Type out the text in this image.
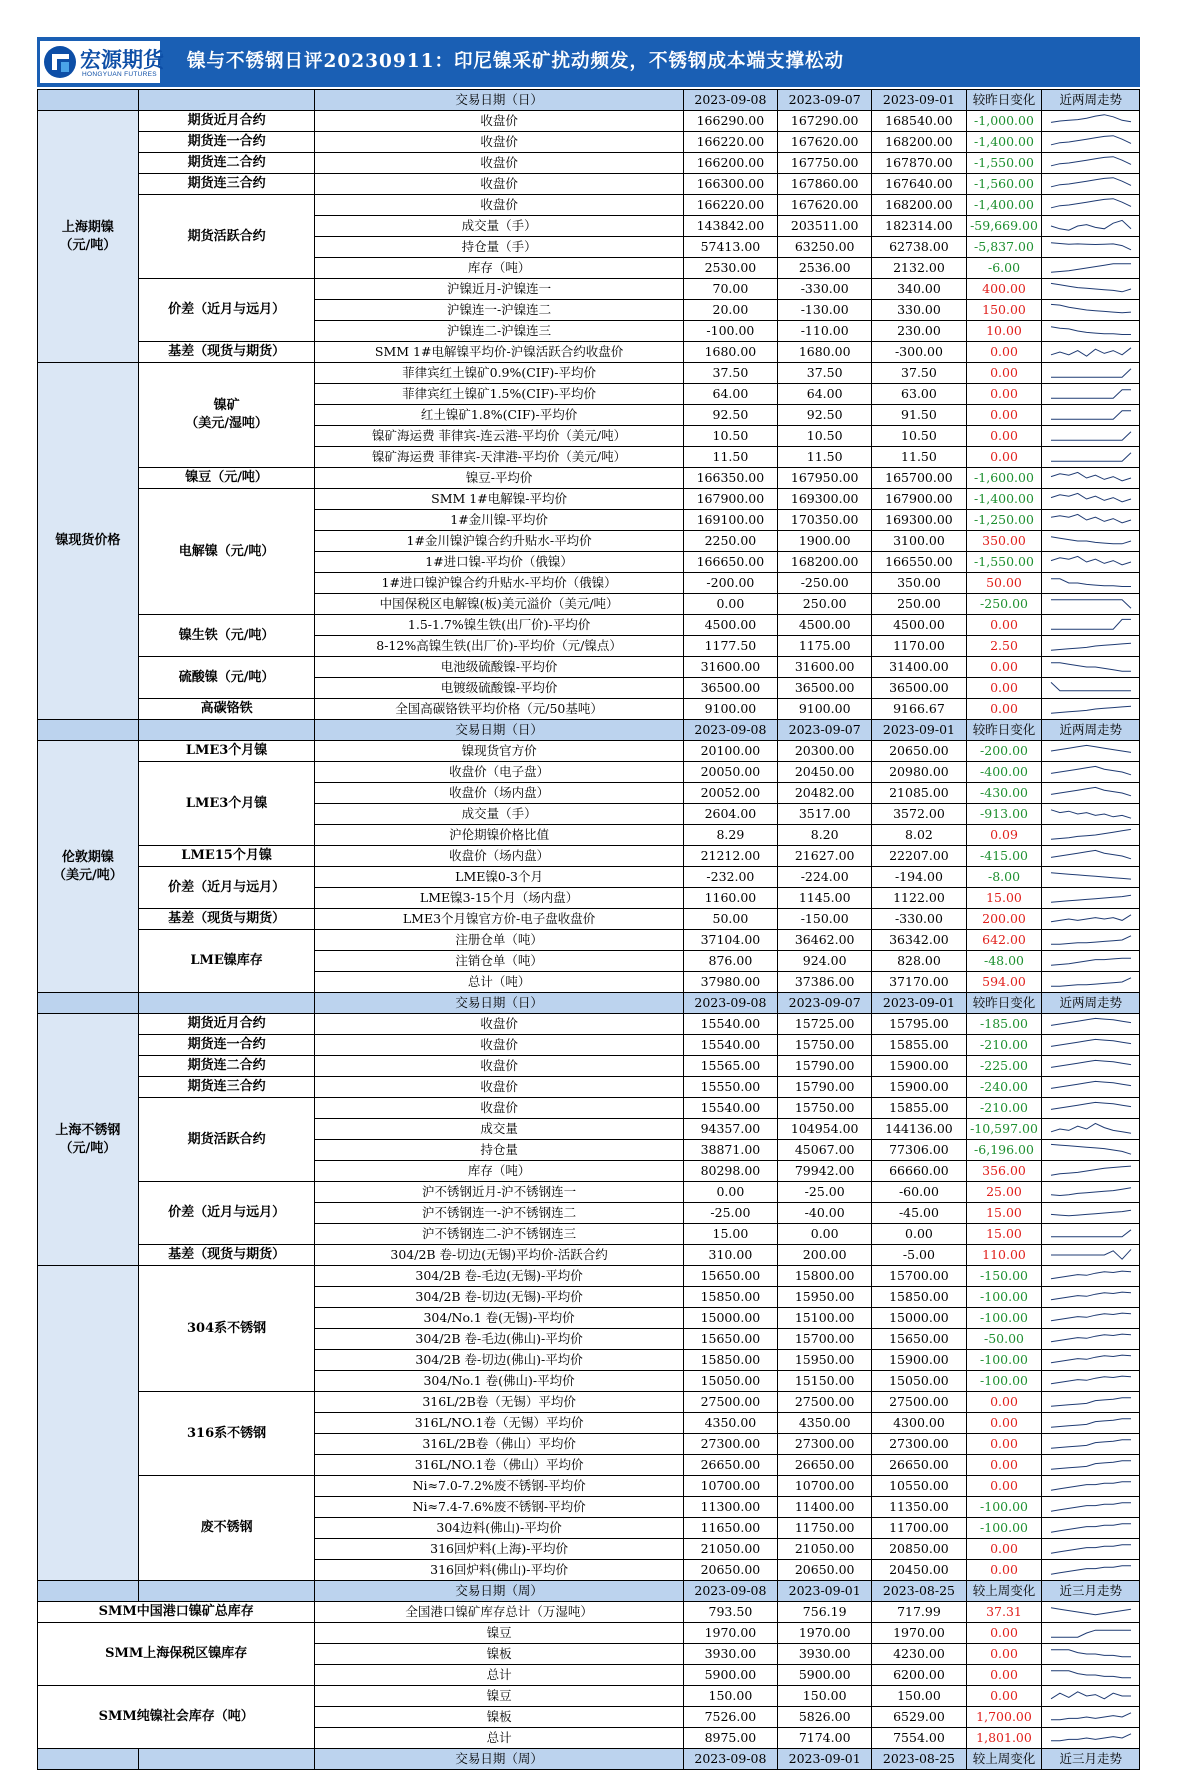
宏源期货
HONGYUAN FUTURES
镍与不锈钢日评20230911：印尼镍采矿扰动频发，不锈钢成本端支撑松动
		交易日期（日）	2023-09-08	2023-09-07	2023-09-01	较昨日变化	近两周走势
上海期镍
（元/吨）	期货近月合约	收盘价	166290.00	167290.00	168540.00	-1,000.00	

	期货连一合约	收盘价	166220.00	167620.00	168200.00	-1,400.00	

	期货连二合约	收盘价	166200.00	167750.00	167870.00	-1,550.00	

	期货连三合约	收盘价	166300.00	167860.00	167640.00	-1,560.00	

	期货活跃合约	收盘价	166220.00	167620.00	168200.00	-1,400.00	

		成交量（手）	143842.00	203511.00	182314.00	-59,669.00	

		持仓量（手）	57413.00	63250.00	62738.00	-5,837.00	

		库存（吨）	2530.00	2536.00	2132.00	-6.00	

	价差（近月与远月）	沪镍近月-沪镍连一	70.00	-330.00	340.00	400.00	

		沪镍连一-沪镍连二	20.00	-130.00	330.00	150.00	

		沪镍连二-沪镍连三	-100.00	-110.00	230.00	10.00	

	基差（现货与期货）	SMM 1#电解镍平均价-沪镍活跃合约收盘价	1680.00	1680.00	-300.00	0.00	

镍现货价格	镍矿
（美元/湿吨）	菲律宾红土镍矿0.9%(CIF)-平均价	37.50	37.50	37.50	0.00	

		菲律宾红土镍矿1.5%(CIF)-平均价	64.00	64.00	63.00	0.00	

		红土镍矿1.8%(CIF)-平均价	92.50	92.50	91.50	0.00	

		镍矿海运费 菲律宾-连云港-平均价（美元/吨）	10.50	10.50	10.50	0.00	

		镍矿海运费 菲律宾-天津港-平均价（美元/吨）	11.50	11.50	11.50	0.00	

	镍豆（元/吨）	镍豆-平均价	166350.00	167950.00	165700.00	-1,600.00	

	电解镍（元/吨）	SMM 1#电解镍-平均价	167900.00	169300.00	167900.00	-1,400.00	

		1#金川镍-平均价	169100.00	170350.00	169300.00	-1,250.00	

		1#金川镍沪镍合约升贴水-平均价	2250.00	1900.00	3100.00	350.00	

		1#进口镍-平均价（俄镍）	166650.00	168200.00	166550.00	-1,550.00	

		1#进口镍沪镍合约升贴水-平均价（俄镍）	-200.00	-250.00	350.00	50.00	

		中国保税区电解镍(板)美元溢价（美元/吨）	0.00	250.00	250.00	-250.00	

	镍生铁（元/吨）	1.5-1.7%镍生铁(出厂价)-平均价	4500.00	4500.00	4500.00	0.00	

		8-12%高镍生铁(出厂价)-平均价（元/镍点）	1177.50	1175.00	1170.00	2.50	

	硫酸镍（元/吨）	电池级硫酸镍-平均价	31600.00	31600.00	31400.00	0.00	

		电镀级硫酸镍-平均价	36500.00	36500.00	36500.00	0.00	

	高碳铬铁	全国高碳铬铁平均价格（元/50基吨）	9100.00	9100.00	9166.67	0.00	

		交易日期（日）	2023-09-08	2023-09-07	2023-09-01	较昨日变化	近两周走势
伦敦期镍
（美元/吨）	LME3个月镍	镍现货官方价	20100.00	20300.00	20650.00	-200.00	

	LME3个月镍	收盘价（电子盘）	20050.00	20450.00	20980.00	-400.00	

		收盘价（场内盘）	20052.00	20482.00	21085.00	-430.00	

		成交量（手）	2604.00	3517.00	3572.00	-913.00	

		沪伦期镍价格比值	8.29	8.20	8.02	0.09	

	LME15个月镍	收盘价（场内盘）	21212.00	21627.00	22207.00	-415.00	

	价差（近月与远月）	LME镍0-3个月	-232.00	-224.00	-194.00	-8.00	

		LME镍3-15个月（场内盘）	1160.00	1145.00	1122.00	15.00	

	基差（现货与期货）	LME3个月镍官方价-电子盘收盘价	50.00	-150.00	-330.00	200.00	

	LME镍库存	注册仓单（吨）	37104.00	36462.00	36342.00	642.00	

		注销仓单（吨）	876.00	924.00	828.00	-48.00	

		总计（吨）	37980.00	37386.00	37170.00	594.00	

		交易日期（日）	2023-09-08	2023-09-07	2023-09-01	较昨日变化	近两周走势
上海不锈钢
（元/吨）	期货近月合约	收盘价	15540.00	15725.00	15795.00	-185.00	

	期货连一合约	收盘价	15540.00	15750.00	15855.00	-210.00	

	期货连二合约	收盘价	15565.00	15790.00	15900.00	-225.00	

	期货连三合约	收盘价	15550.00	15790.00	15900.00	-240.00	

	期货活跃合约	收盘价	15540.00	15750.00	15855.00	-210.00	

		成交量	94357.00	104954.00	144136.00	-10,597.00	

		持仓量	38871.00	45067.00	77306.00	-6,196.00	

		库存（吨）	80298.00	79942.00	66660.00	356.00	

	价差（近月与远月）	沪不锈钢近月-沪不锈钢连一	0.00	-25.00	-60.00	25.00	

		沪不锈钢连一-沪不锈钢连二	-25.00	-40.00	-45.00	15.00	

		沪不锈钢连二-沪不锈钢连三	15.00	0.00	0.00	15.00	

	基差（现货与期货）	304/2B 卷-切边(无锡)平均价-活跃合约	310.00	200.00	-5.00	110.00	

	304系不锈钢	304/2B 卷-毛边(无锡)-平均价	15650.00	15800.00	15700.00	-150.00	

		304/2B 卷-切边(无锡)-平均价	15850.00	15950.00	15850.00	-100.00	

		304/No.1 卷(无锡)-平均价	15000.00	15100.00	15000.00	-100.00	

		304/2B 卷-毛边(佛山)-平均价	15650.00	15700.00	15650.00	-50.00	

		304/2B 卷-切边(佛山)-平均价	15850.00	15950.00	15900.00	-100.00	

		304/No.1 卷(佛山)-平均价	15050.00	15150.00	15050.00	-100.00	

	316系不锈钢	316L/2B卷（无锡）平均价	27500.00	27500.00	27500.00	0.00	

		316L/NO.1卷（无锡）平均价	4350.00	4350.00	4300.00	0.00	

		316L/2B卷（佛山）平均价	27300.00	27300.00	27300.00	0.00	

		316L/NO.1卷（佛山）平均价	26650.00	26650.00	26650.00	0.00	

	废不锈钢	Ni≈7.0-7.2%废不锈钢-平均价	10700.00	10700.00	10550.00	0.00	

		Ni≈7.4-7.6%废不锈钢-平均价	11300.00	11400.00	11350.00	-100.00	

		304边料(佛山)-平均价	11650.00	11750.00	11700.00	-100.00	

		316回炉料(上海)-平均价	21050.00	21050.00	20850.00	0.00	

		316回炉料(佛山)-平均价	20650.00	20650.00	20450.00	0.00	

		交易日期（周）	2023-09-08	2023-09-01	2023-08-25	较上周变化	近三月走势
SMM中国港口镍矿总库存		全国港口镍矿库存总计（万湿吨）	793.50	756.19	717.99	37.31	

SMM上海保税区镍库存		镍豆	1970.00	1970.00	1970.00	0.00	

		镍板	3930.00	3930.00	4230.00	0.00	

		总计	5900.00	5900.00	6200.00	0.00	

SMM纯镍社会库存（吨）		镍豆	150.00	150.00	150.00	0.00	

		镍板	7526.00	5826.00	6529.00	1,700.00	

		总计	8975.00	7174.00	7554.00	1,801.00	

		交易日期（周）	2023-09-08	2023-09-01	2023-08-25	较上周变化	近三月走势
